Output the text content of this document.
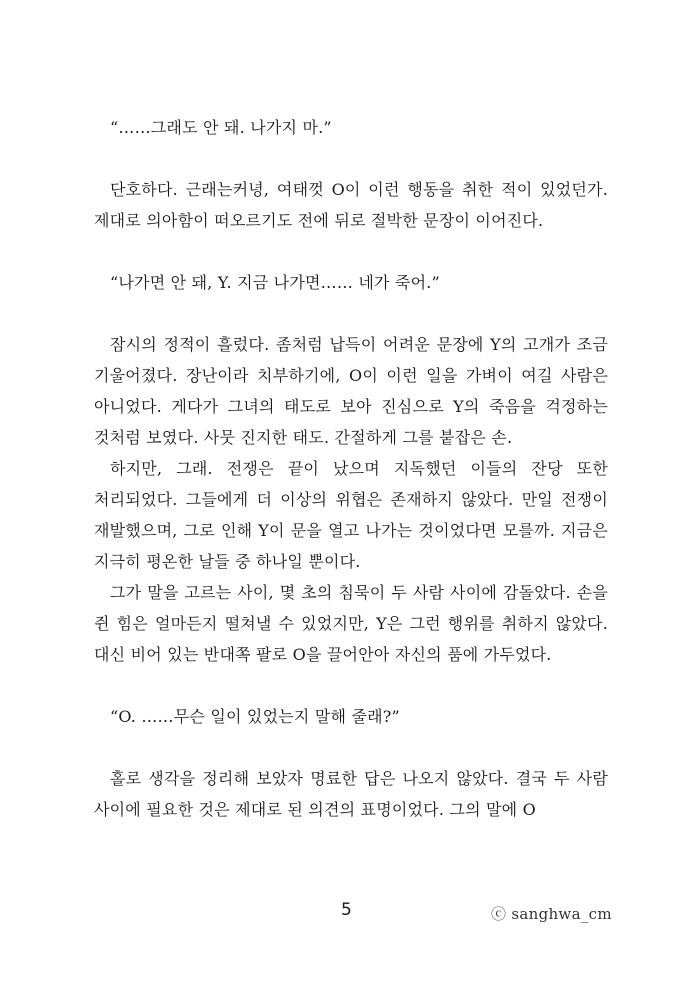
“……그래도 안 돼. 나가지 마.”

단호하다. 근래는커녕, 여태껏 O이 이런 행동을 취한 적이 있었던가. 제대로 의아함이 떠오르기도 전에 뒤로 절박한 문장이 이어진다.

“나가면 안 돼, Y. 지금 나가면…… 네가 죽어.”

잠시의 정적이 흘렀다. 좀처럼 납득이 어려운 문장에 Y의 고개가 조금 기울어졌다. 장난이라 치부하기에, O이 이런 일을 가벼이 여길 사람은 아니었다. 게다가 그녀의 태도로 보아 진심으로 Y의 죽음을 걱정하는 것처럼 보였다. 사뭇 진지한 태도. 간절하게 그를 붙잡은 손.

하지만, 그래. 전쟁은 끝이 났으며 지독했던 이들의 잔당 또한 처리되었다. 그들에게 더 이상의 위협은 존재하지 않았다. 만일 전쟁이 재발했으며, 그로 인해 Y이 문을 열고 나가는 것이었다면 모를까. 지금은 지극히 평온한 날들 중 하나일 뿐이다.

그가 말을 고르는 사이, 몇 초의 침묵이 두 사람 사이에 감돌았다. 손을 쥔 힘은 얼마든지 떨쳐낼 수 있었지만, Y은 그런 행위를 취하지 않았다. 대신 비어 있는 반대쪽 팔로 O을 끌어안아 자신의 품에 가두었다.

“O. ……무슨 일이 있었는지 말해 줄래?”

홀로 생각을 정리해 보았자 명료한 답은 나오지 않았다. 결국 두 사람 사이에 필요한 것은 제대로 된 의견의 표명이었다. 그의 말에 O

5	ⓒ sanghwa_cm
